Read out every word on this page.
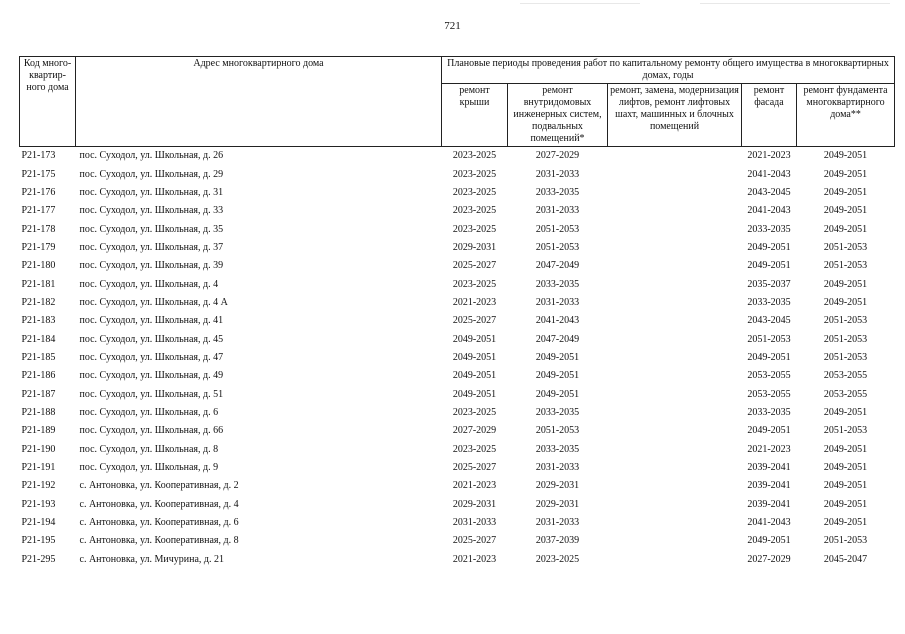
721
Код много-квартир-ного дома	Адрес многоквартирного дома	Плановые периоды проведения работ по капитальному ремонту общего имущества в многоквартирных домах, годы				
		ремонт крыши	ремонт внутридомовых инженерных систем, подвальных помещений*	ремонт, замена, модернизация лифтов, ремонт лифтовых шахт, машинных и блочных помещений	ремонт фасада	ремонт фундамента многоквартирного дома**
P21-173	пос. Суходол, ул. Школьная, д. 26	2023-2025	2027-2029		2021-2023	2049-2051
P21-175	пос. Суходол, ул. Школьная, д. 29	2023-2025	2031-2033		2041-2043	2049-2051
P21-176	пос. Суходол, ул. Школьная, д. 31	2023-2025	2033-2035		2043-2045	2049-2051
P21-177	пос. Суходол, ул. Школьная, д. 33	2023-2025	2031-2033		2041-2043	2049-2051
P21-178	пос. Суходол, ул. Школьная, д. 35	2023-2025	2051-2053		2033-2035	2049-2051
P21-179	пос. Суходол, ул. Школьная, д. 37	2029-2031	2051-2053		2049-2051	2051-2053
P21-180	пос. Суходол, ул. Школьная, д. 39	2025-2027	2047-2049		2049-2051	2051-2053
P21-181	пос. Суходол, ул. Школьная, д. 4	2023-2025	2033-2035		2035-2037	2049-2051
P21-182	пос. Суходол, ул. Школьная, д. 4 А	2021-2023	2031-2033		2033-2035	2049-2051
P21-183	пос. Суходол, ул. Школьная, д. 41	2025-2027	2041-2043		2043-2045	2051-2053
P21-184	пос. Суходол, ул. Школьная, д. 45	2049-2051	2047-2049		2051-2053	2051-2053
P21-185	пос. Суходол, ул. Школьная, д. 47	2049-2051	2049-2051		2049-2051	2051-2053
P21-186	пос. Суходол, ул. Школьная, д. 49	2049-2051	2049-2051		2053-2055	2053-2055
P21-187	пос. Суходол, ул. Школьная, д. 51	2049-2051	2049-2051		2053-2055	2053-2055
P21-188	пос. Суходол, ул. Школьная, д. 6	2023-2025	2033-2035		2033-2035	2049-2051
P21-189	пос. Суходол, ул. Школьная, д. 66	2027-2029	2051-2053		2049-2051	2051-2053
P21-190	пос. Суходол, ул. Школьная, д. 8	2023-2025	2033-2035		2021-2023	2049-2051
P21-191	пос. Суходол, ул. Школьная, д. 9	2025-2027	2031-2033		2039-2041	2049-2051
P21-192	с. Антоновка, ул. Кооперативная, д. 2	2021-2023	2029-2031		2039-2041	2049-2051
P21-193	с. Антоновка, ул. Кооперативная, д. 4	2029-2031	2029-2031		2039-2041	2049-2051
P21-194	с. Антоновка, ул. Кооперативная, д. 6	2031-2033	2031-2033		2041-2043	2049-2051
P21-195	с. Антоновка, ул. Кооперативная, д. 8	2025-2027	2037-2039		2049-2051	2051-2053
P21-295	с. Антоновка, ул. Мичурина, д. 21	2021-2023	2023-2025		2027-2029	2045-2047
